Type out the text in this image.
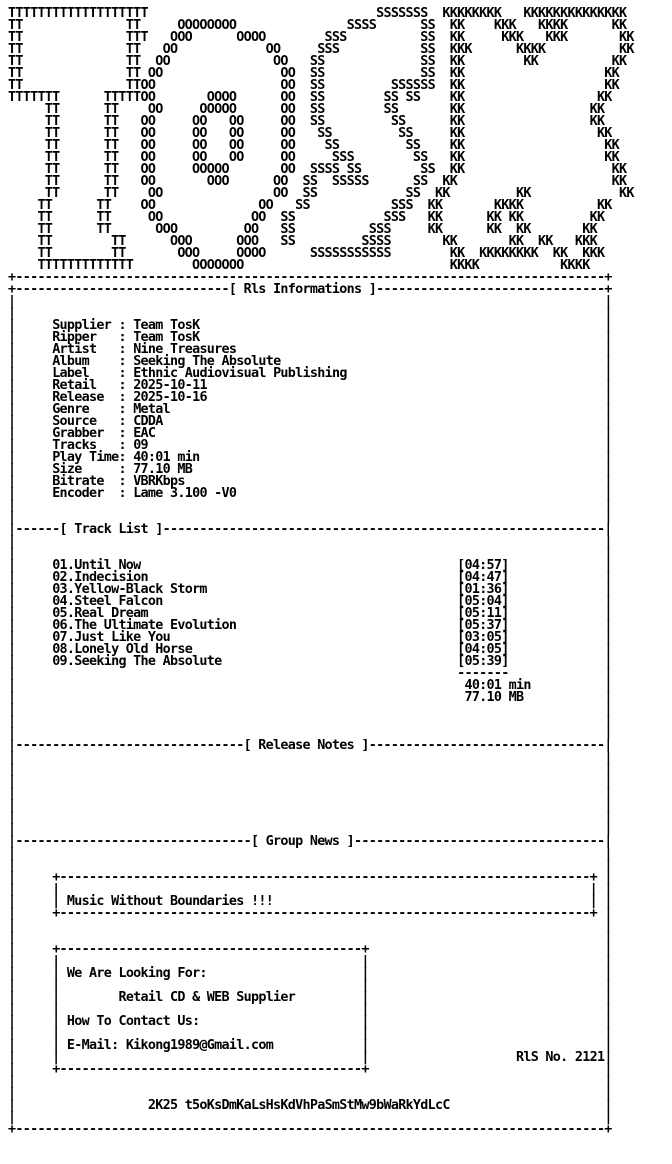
TTTTTTTTTTTTTTTTTTT                               SSSSSSS  KKKKKKKK   KKKKKKKKKKKKKK
TT              TT     OOOOOOOO               SSSS      SS  KK    KKK   KKKK      KK
TT              TTT   OOO      OOOO        SSS          SS  KK     KKK   KKK       KK
TT              TT   OO            OO     SSS           SS  KKK      KKKK          KK
TT              TT  OO              OO   SS             SS  KK        KK          KK
TT              TT OO                OO  SS             SS  KK                   KK
TT              TTOO                 OO  SS         SSSSSS  KK                   KK
TTTTTTT      TTTTTOO       OOOO      OO  SS        SS SS    KK                  KK
TT      TT    OO     OOOOO      OO  SS        SS       KK                 KK
TT      TT   OO     OO   OO     OO  SS         SS      KK                 KK
TT      TT   OO     OO   OO     OO   SS         SS     KK                  KK
TT      TT   OO     OO   OO     OO    SS         SS    KK                   KK
TT      TT   OO     OO   OO     OO     SSS        SS   KK                   KK
TT      TT   OO     OOOOO       OO  SSSS SS        SS  KK                    KK
TT      TT   OO       OOO      OO  SS  SSSSS      SS  KK                     KK
TT      TT    OO               OO  SS            SS  KK         KK            KK
TT      TT    OO              OO   SS           SSS  KK       KKKK          KK
TT      TT     OO            OO  SS            SSS   KK      KK KK         KK
TT      TT      OOO         OO   SS          SSS     KK      KK  KK       KK
TT        TT      OOO      OOO   SS         SSSS       KK       KK  KK   KKK
TT        TT       OOO     OOOO      SSSSSSSSSSS        KK  KKKKKKKK  KK  KKK
TTTTTTTTTTTTT        OOOOOOO                            KKKK           KKKK
+--------------------------------------------------------------------------------+
+-----------------------------[ Rls Informations ]-------------------------------+
|                                                                                |
|                                                                                |
|	Supplier : Team TosK                                                       |
|	Ripper   : Team TosK                                                       |
|	Artist   : Nine Treasures                                                  |
|	Album    : Seeking The Absolute                                            |
|	Label    : Ethnic Audiovisual Publishing                                   |
|	Retail   : 2025-10-11                                                      |
|	Release  : 2025-10-16                                                      |
|	Genre    : Metal                                                           |
|	Source   : CDDA                                                            |
|	Grabber  : EAC                                                             |
|	Tracks   : 09                                                              |
|	Play Time: 40:01 min                                                       |
|	Size     : 77.10 MB                                                        |
|	Bitrate  : VBRKbps                                                         |
|	Encoder  : Lame 3.100 -V0                                                  |
|                                                                                |
|                                                                                |
|------[ Track List ]------------------------------------------------------------|
|                                                                                |
|                                                                                |
|	01.Until Now	[04:57]             |
|	02.Indecision	[04:47]             |
|	03.Yellow-Black Storm	[01:36]             |
|	04.Steel Falcon	[05:04]             |
|	05.Real Dream	[05:11]             |
|	06.The Ultimate Evolution	[05:37]             |
|	07.Just Like You	[03:05]             |
|	08.Lonely Old Horse	[04:05]             |
|	09.Seeking The Absolute	[05:39]             |
|	-------             |
|	40:01 min          |
|	77.10 MB           |
|                                                                                |
|                                                                                |
|                                                                                |
|-------------------------------[ Release Notes ]--------------------------------|
|                                                                                |
|                                                                                |
|                                                                                |
|                                                                                |
|                                                                                |
|                                                                                |
|                                                                                |
|--------------------------------[ Group News ]----------------------------------|
|                                                                                |
|                                                                                |
|	+------------------------------------------------------------------------+ |
|     |                                                                        | |
|     | Music Without Boundaries !!!                                           | |
|	+------------------------------------------------------------------------+ |
|                                                                                |
|                                                                                |
|	+-----------------------------------------+                                |
|     |                                         |                                |
|     | We Are Looking For:                     |                                |
|     |                                         |                                |
|     |        Retail CD & WEB Supplier         |                                |
|     |                                         |                                |
|     | How To Contact Us:                      |                                |
|     |                                         |                                |
|     | E-Mail: Kikong1989@Gmail.com            |                                |
|     |                                         |                    RlS No. 2121|
|	+-----------------------------------------+                                |
|                                                                                |
|                                                                                |
|	2K25 t5oKsDmKaLsHsKdVhPaSmStMw9bWaRkYdLcC                     |
|                                                                                |
+--------------------------------------------------------------------------------+
